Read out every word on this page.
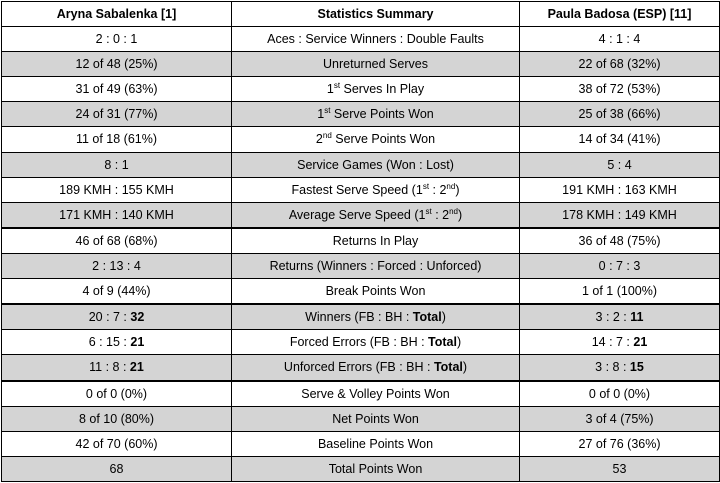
Aryna Sabalenka [1]	Statistics Summary	Paula Badosa (ESP) [11]
2 : 0 : 1	Aces : Service Winners : Double Faults	4 : 1 : 4
12 of 48 (25%)	Unreturned Serves	22 of 68 (32%)
31 of 49 (63%)	1st Serves In Play	38 of 72 (53%)
24 of 31 (77%)	1st Serve Points Won	25 of 38 (66%)
11 of 18 (61%)	2nd Serve Points Won	14 of 34 (41%)
8 : 1	Service Games (Won : Lost)	5 : 4
189 KMH : 155 KMH	Fastest Serve Speed (1st : 2nd)	191 KMH : 163 KMH
171 KMH : 140 KMH	Average Serve Speed (1st : 2nd)	178 KMH : 149 KMH
46 of 68 (68%)	Returns In Play	36 of 48 (75%)
2 : 13 : 4	Returns (Winners : Forced : Unforced)	0 : 7 : 3
4 of 9 (44%)	Break Points Won	1 of 1 (100%)
20 : 7 : 32	Winners (FB : BH : Total)	3 : 2 : 11
6 : 15 : 21	Forced Errors (FB : BH : Total)	14 : 7 : 21
11 : 8 : 21	Unforced Errors (FB : BH : Total)	3 : 8 : 15
0 of 0 (0%)	Serve & Volley Points Won	0 of 0 (0%)
8 of 10 (80%)	Net Points Won	3 of 4 (75%)
42 of 70 (60%)	Baseline Points Won	27 of 76 (36%)
68	Total Points Won	53
